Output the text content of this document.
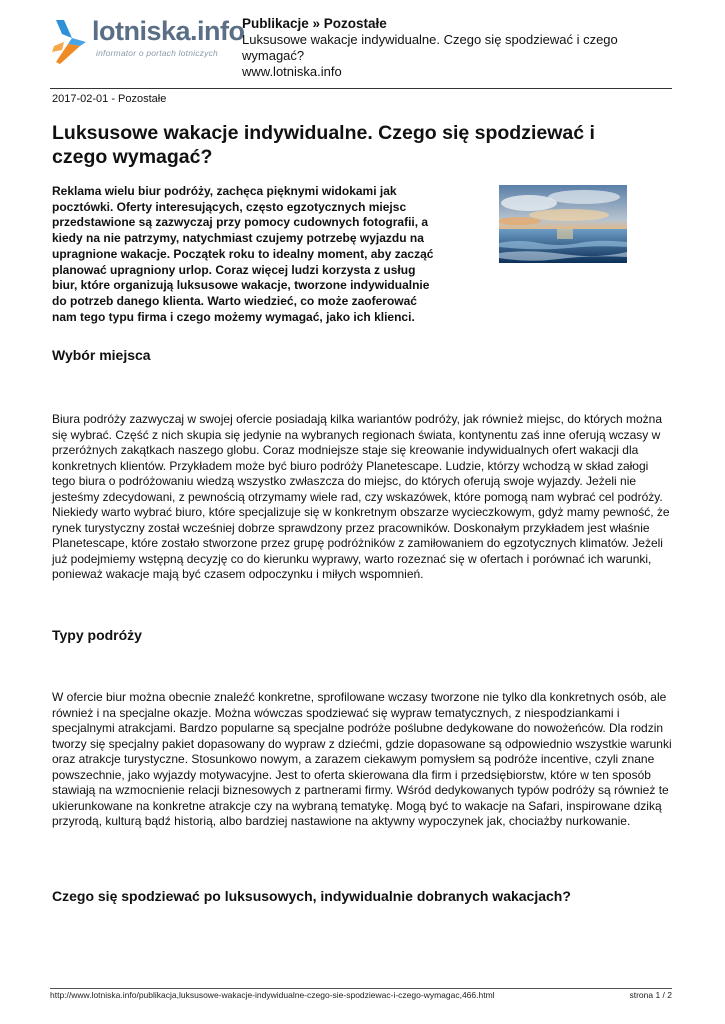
lotniska.info
informator o portach lotniczych
Publikacje » Pozostałe
Luksusowe wakacje indywidualne. Czego się spodziewać i czego wymagać?
www.lotniska.info
2017-02-01 - Pozostałe
Luksusowe wakacje indywidualne. Czego się spodziewać i czego wymagać?

Reklama wielu biur podróży, zachęca pięknymi widokami jak pocztówki. Oferty interesujących, często egzotycznych miejsc przedstawione są zazwyczaj przy pomocy cudownych fotografii, a kiedy na nie patrzymy, natychmiast czujemy potrzebę wyjazdu na upragnione wakacje. Początek roku to idealny moment, aby zacząć planować upragniony urlop. Coraz więcej ludzi korzysta z usług biur, które organizują luksusowe wakacje, tworzone indywidualnie do potrzeb danego klienta. Warto wiedzieć, co może zaoferować nam tego typu firma i czego możemy wymagać, jako ich klienci.

Wybór miejsca

Biura podróży zazwyczaj w swojej ofercie posiadają kilka wariantów podróży, jak również miejsc, do których można się wybrać. Część z nich skupia się jedynie na wybranych regionach świata, kontynentu zaś inne oferują wczasy w przeróżnych zakątkach naszego globu. Coraz modniejsze staje się kreowanie indywidualnych ofert wakacji dla konkretnych klientów. Przykładem może być biuro podróży Planetescape. Ludzie, którzy wchodzą w skład załogi tego biura o podróżowaniu wiedzą wszystko zwłaszcza do miejsc, do których oferują swoje wyjazdy. Jeżeli nie jesteśmy zdecydowani, z pewnością otrzymamy wiele rad, czy wskazówek, które pomogą nam wybrać cel podróży. Niekiedy warto wybrać biuro, które specjalizuje się w konkretnym obszarze wycieczkowym, gdyż mamy pewność, że rynek turystyczny został wcześniej dobrze sprawdzony przez pracowników. Doskonałym przykładem jest właśnie Planetescape, które zostało stworzone przez grupę podróżników z zamiłowaniem do egzotycznych klimatów. Jeżeli już podejmiemy wstępną decyzję co do kierunku wyprawy, warto rozeznać się w ofertach i porównać ich warunki, ponieważ wakacje mają być czasem odpoczynku i miłych wspomnień.

Typy podróży

W ofercie biur można obecnie znaleźć konkretne, sprofilowane wczasy tworzone nie tylko dla konkretnych osób, ale również i na specjalne okazje. Można wówczas spodziewać się wypraw tematycznych, z niespodziankami i specjalnymi atrakcjami. Bardzo popularne są specjalne podróże poślubne dedykowane do nowożeńców. Dla rodzin tworzy się specjalny pakiet dopasowany do wypraw z dziećmi, gdzie dopasowane są odpowiednio wszystkie warunki oraz atrakcje turystyczne. Stosunkowo nowym, a zarazem ciekawym pomysłem są podróże incentive, czyli znane powszechnie, jako wyjazdy motywacyjne. Jest to oferta skierowana dla firm i przedsiębiorstw, które w ten sposób stawiają na wzmocnienie relacji biznesowych z partnerami firmy. Wśród dedykowanych typów podróży są również te ukierunkowane na konkretne atrakcje czy na wybraną tematykę. Mogą być to wakacje na Safari, inspirowane dziką przyrodą, kulturą bądź historią, albo bardziej nastawione na aktywny wypoczynek jak, chociażby nurkowanie.

Czego się spodziewać po luksusowych, indywidualnie dobranych wakacjach?
http://www.lotniska.info/publikacja,luksusowe-wakacje-indywidualne-czego-sie-spodziewac-i-czego-wymagac,466.html	strona 1 / 2
